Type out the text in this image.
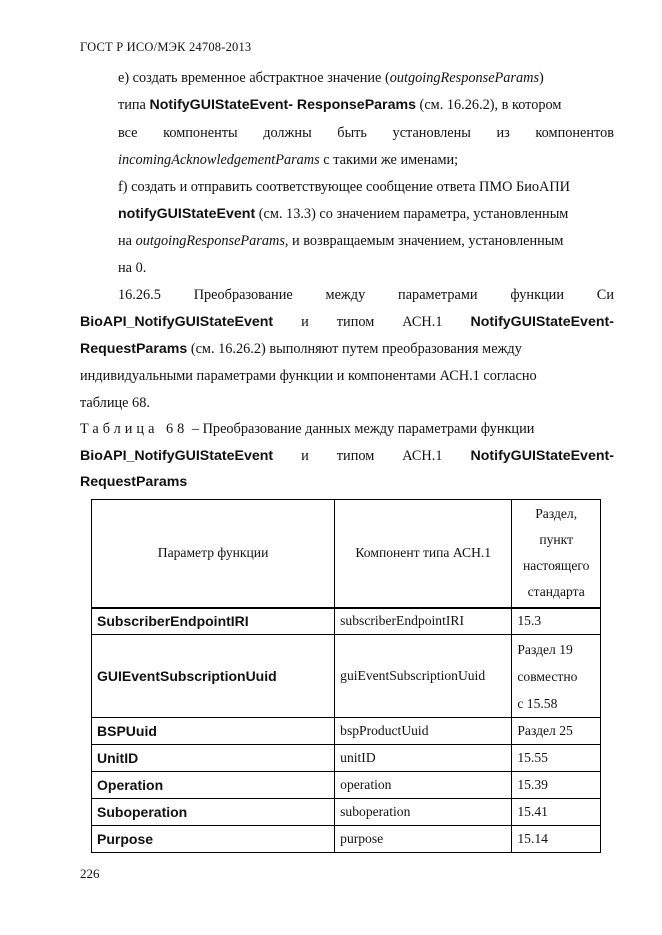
ГОСТ Р ИСО/МЭК 24708-2013
e) создать временное абстрактное значение (outgoingResponseParams)
типа NotifyGUIStateEvent- ResponseParams (см. 16.26.2), в котором
все компоненты должны быть установлены из компонентов
incomingAcknowledgementParams с такими же именами;
f) создать и отправить соответствующее сообщение ответа ПМО БиоАПИ
notifyGUIStateEvent (см. 13.3) со значением параметра, установленным
на outgoingResponseParams, и возвращаемым значением, установленным
на 0.
16.26.5 Преобразование между параметрами функции Си
BioAPI_NotifyGUIStateEvent и типом АСН.1 NotifyGUIStateEvent-
RequestParams (см. 16.26.2) выполняют путем преобразования между
индивидуальными параметрами функции и компонентами АСН.1 согласно
таблице 68.
Таблица 68 – Преобразование данных между параметрами функции
BioAPI_NotifyGUIStateEvent и типом АСН.1 NotifyGUIStateEvent-
RequestParams
Параметр функции	Компонент типа АСН.1	Раздел,
пункт
настоящего
стандарта

SubscriberEndpointIRI	subscriberEndpointIRI	15.3
GUIEventSubscriptionUuid	guiEventSubscriptionUuid	Раздел 19
совместно
с 15.58

BSPUuid	bspProductUuid	Раздел 25
UnitID	unitID	15.55
Operation	operation	15.39
Suboperation	suboperation	15.41
Purpose	purpose	15.14
226
